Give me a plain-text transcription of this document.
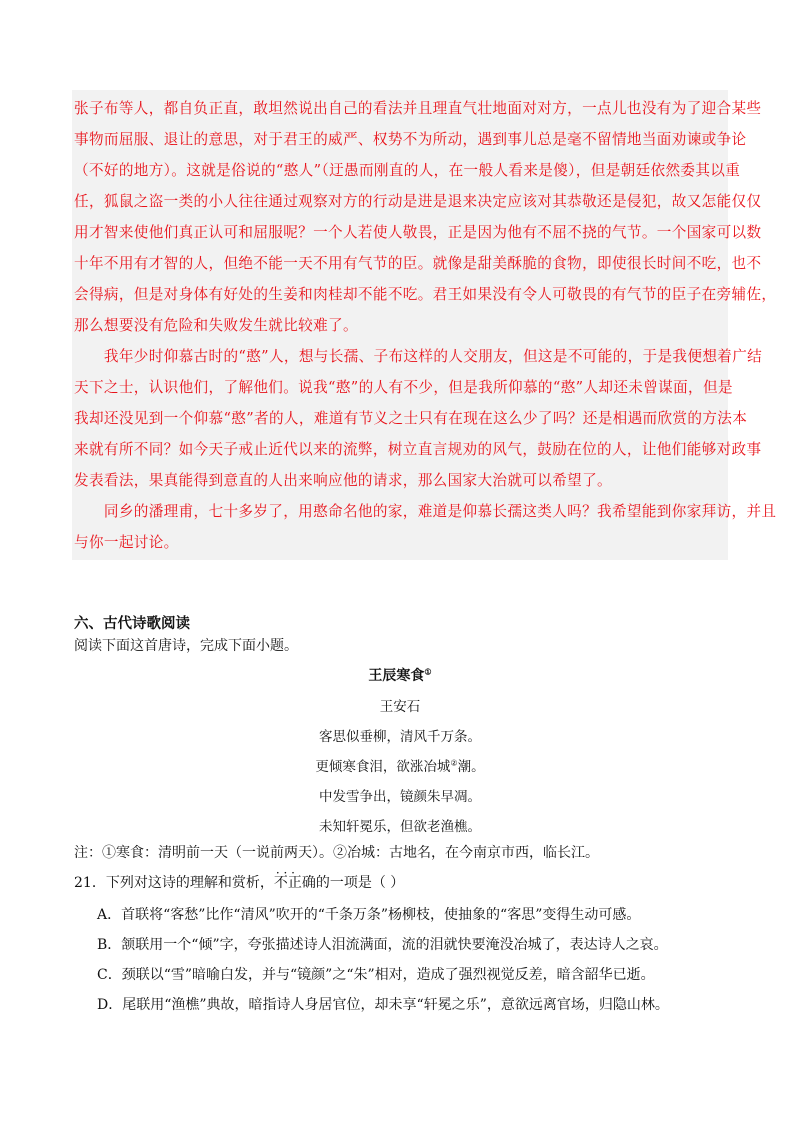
张子布等人，都自负正直，敢坦然说出自己的看法并且理直气壮地面对对方，一点儿也没有为了迎合某些
事物而屈服、退让的意思，对于君王的威严、权势不为所动，遇到事儿总是毫不留情地当面劝谏或争论
（不好的地方）。这就是俗说的“憨人”（迂愚而刚直的人，在一般人看来是傻），但是朝廷依然委其以重
任，狐鼠之盗一类的小人往往通过观察对方的行动是进是退来决定应该对其恭敬还是侵犯，故又怎能仅仅
用才智来使他们真正认可和屈服呢？一个人若使人敬畏，正是因为他有不屈不挠的气节。一个国家可以数
十年不用有才智的人，但绝不能一天不用有气节的臣。就像是甜美酥脆的食物，即使很长时间不吃，也不
会得病，但是对身体有好处的生姜和肉桂却不能不吃。君王如果没有令人可敬畏的有气节的臣子在旁辅佐，
那么想要没有危险和失败发生就比较难了。
　　我年少时仰慕古时的“憨”人，想与长孺、子布这样的人交朋友，但这是不可能的，于是我便想着广结
天下之士，认识他们，了解他们。说我“憨”的人有不少，但是我所仰慕的“憨”人却还未曾谋面，但是
我却还没见到一个仰慕“憨”者的人，难道有节义之士只有在现在这么少了吗？还是相遇而欣赏的方法本
来就有所不同？如今天子戒止近代以来的流弊，树立直言规劝的风气，鼓励在位的人，让他们能够对政事
发表看法，果真能得到意直的人出来响应他的请求，那么国家大治就可以希望了。
　　同乡的潘理甫，七十多岁了，用憨命名他的家，难道是仰慕长孺这类人吗？我希望能到你家拜访，并且
与你一起讨论。
六、古代诗歌阅读
阅读下面这首唐诗，完成下面小题。
王辰寒食①
王安石
客思似垂柳，清风千万条。
更倾寒食泪，欲涨冶城②潮。
中发雪争出，镜颜朱早凋。
未知轩冕乐，但欲老渔樵。
注：①寒食：清明前一天（一说前两天）。②冶城：古地名，在今南京市西，临长江。
21．下列对这诗的理解和赏析，· · · 不正确的一项是（ ）
A．首联将“客愁”比作“清风”吹开的“千条万条”杨柳枝，使抽象的“客思”变得生动可感。
B．颔联用一个“倾”字，夸张描述诗人泪流满面，流的泪就快要淹没冶城了，表达诗人之哀。
C．颈联以“雪”暗喻白发，并与“镜颜”之“朱”相对，造成了强烈视觉反差，暗含韶华已逝。
D．尾联用“渔樵”典故，暗指诗人身居官位，却未享“轩冕之乐”，意欲远离官场，归隐山林。
